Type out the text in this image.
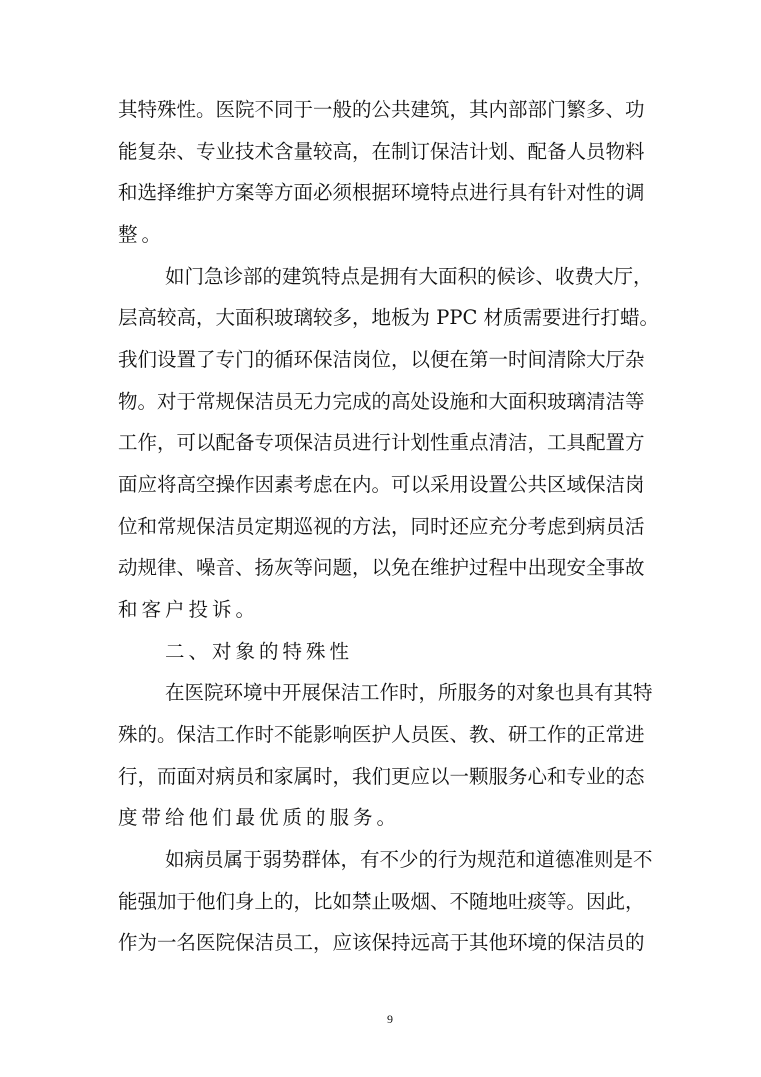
其特殊性。医院不同于一般的公共建筑，其内部部门繁多、功
能复杂、专业技术含量较高，在制订保洁计划、配备人员物料
和选择维护方案等方面必须根据环境特点进行具有针对性的调
整。
如门急诊部的建筑特点是拥有大面积的候诊、收费大厅，
层高较高，大面积玻璃较多，地板为 PPC 材质需要进行打蜡。
我们设置了专门的循环保洁岗位，以便在第一时间清除大厅杂
物。对于常规保洁员无力完成的高处设施和大面积玻璃清洁等
工作，可以配备专项保洁员进行计划性重点清洁，工具配置方
面应将高空操作因素考虑在内。可以采用设置公共区域保洁岗
位和常规保洁员定期巡视的方法，同时还应充分考虑到病员活
动规律、噪音、扬灰等问题，以免在维护过程中出现安全事故
和客户投诉。
二、对象的特殊性
在医院环境中开展保洁工作时，所服务的对象也具有其特
殊的。保洁工作时不能影响医护人员医、教、研工作的正常进
行，而面对病员和家属时，我们更应以一颗服务心和专业的态
度带给他们最优质的服务。
如病员属于弱势群体，有不少的行为规范和道德准则是不
能强加于他们身上的，比如禁止吸烟、不随地吐痰等。因此，
作为一名医院保洁员工，应该保持远高于其他环境的保洁员的
9
